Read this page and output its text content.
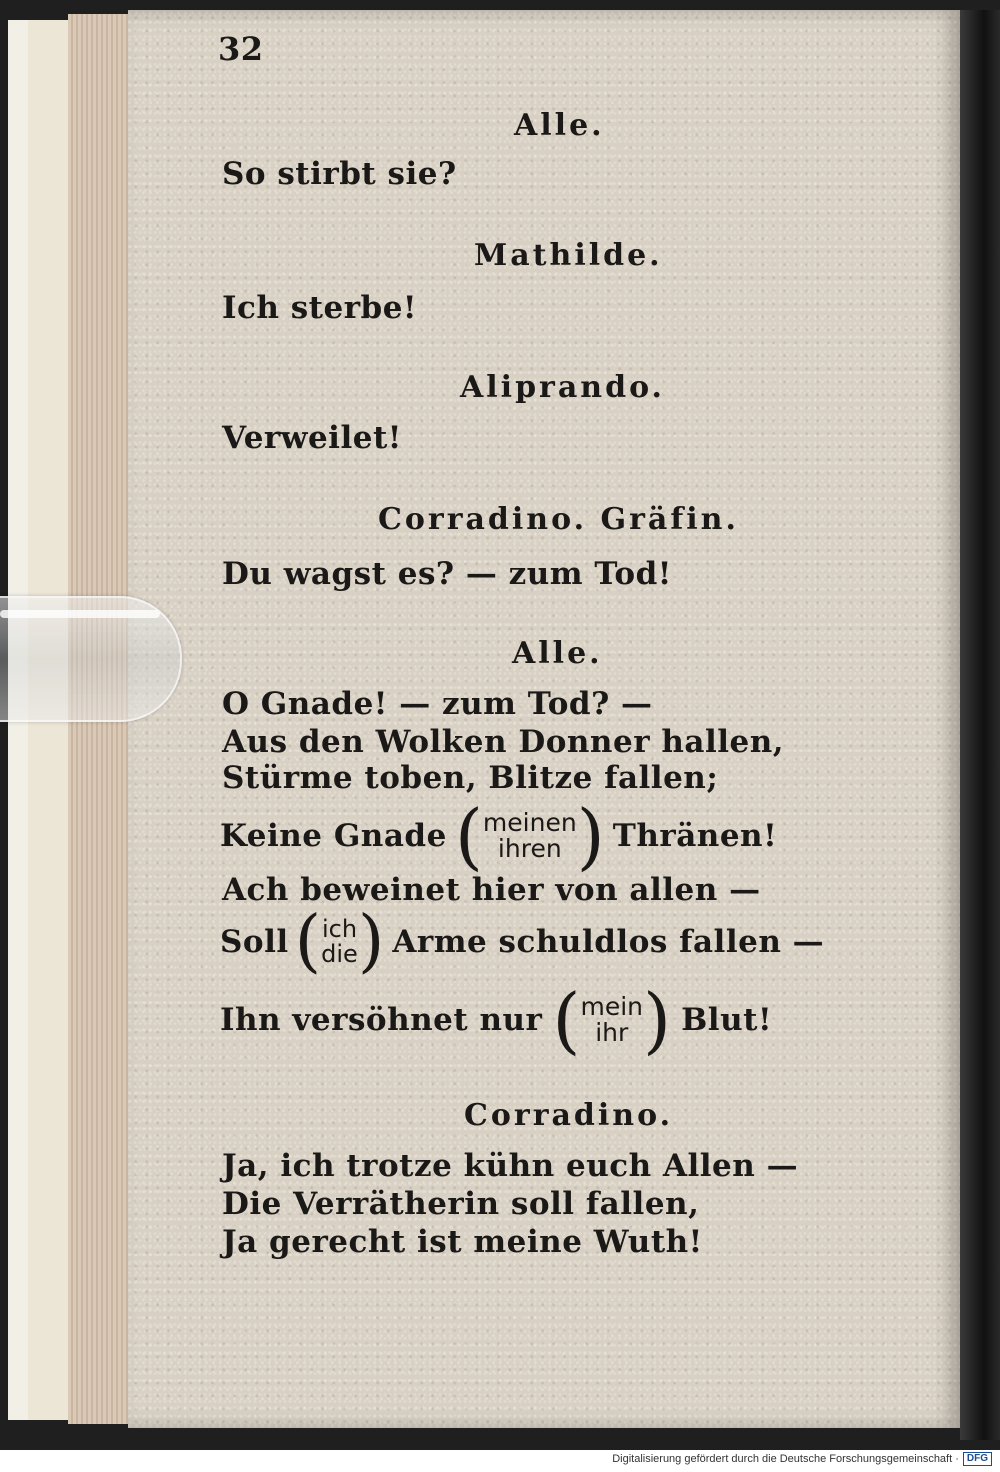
32
Alle.
So stirbt sie?
Mathilde.
Ich sterbe!
Aliprando.
Verweilet!
Corradino. Gräfin.
Du wagst es? — zum Tod!
Alle.
O Gnade! — zum Tod? —
Aus den Wolken Donner hallen,
Stürme toben, Blitze fallen;
Keine Gnade ( meinen
ihren ) Thränen!
Ach beweinet hier von allen —
Soll ( ich
die ) Arme schuldlos fallen —
Ihn versöhnet nur ( mein
ihr ) Blut!
Corradino.
Ja, ich trotze kühn euch Allen —
Die Verrätherin soll fallen,
Ja gerecht ist meine Wuth!
Digitalisierung gefördert durch die Deutsche Forschungsgemeinschaft · DFG
